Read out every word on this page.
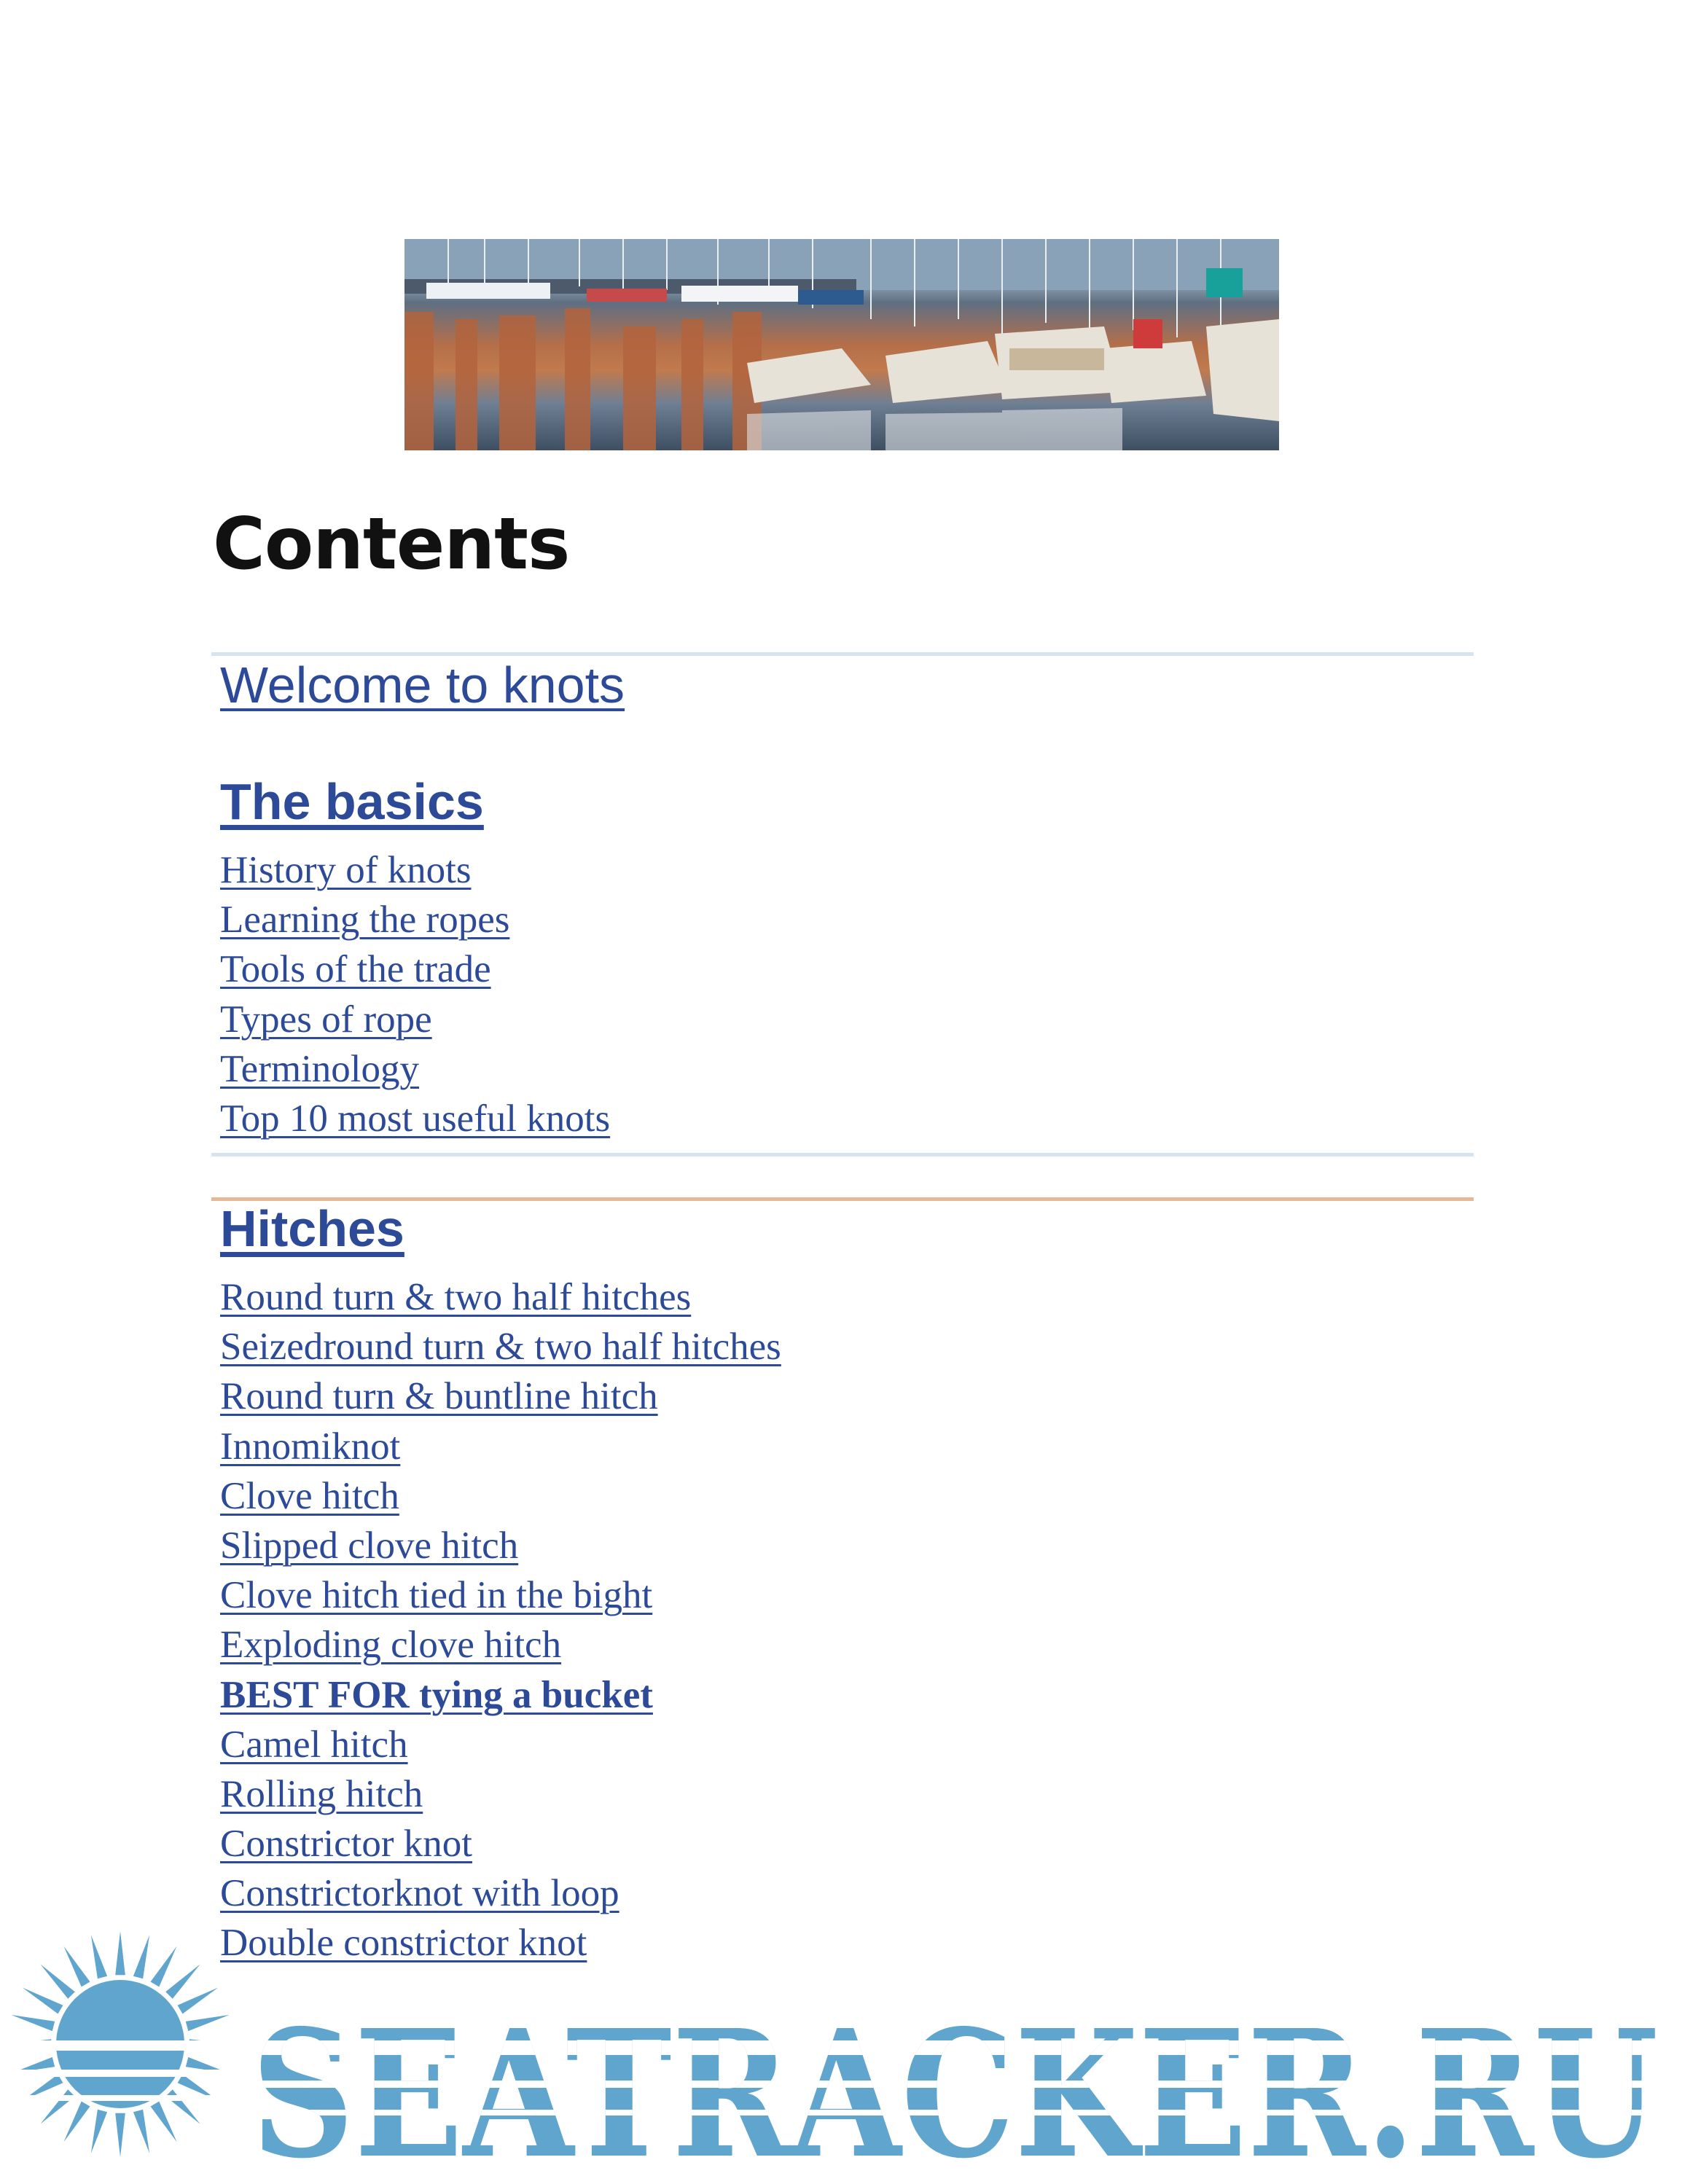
Contents
Welcome to knots
The basics
History of knots
Learning the ropes
Tools of the trade
Types of rope
Terminology
Top 10 most useful knots
Hitches
Round turn & two half hitches
Seizedround turn & two half hitches
Round turn & buntline hitch
Innomiknot
Clove hitch
Slipped clove hitch
Clove hitch tied in the bight
Exploding clove hitch
BEST FOR tying a bucket
Camel hitch
Rolling hitch
Constrictor knot
Constrictorknot with loop
Double constrictor knot
